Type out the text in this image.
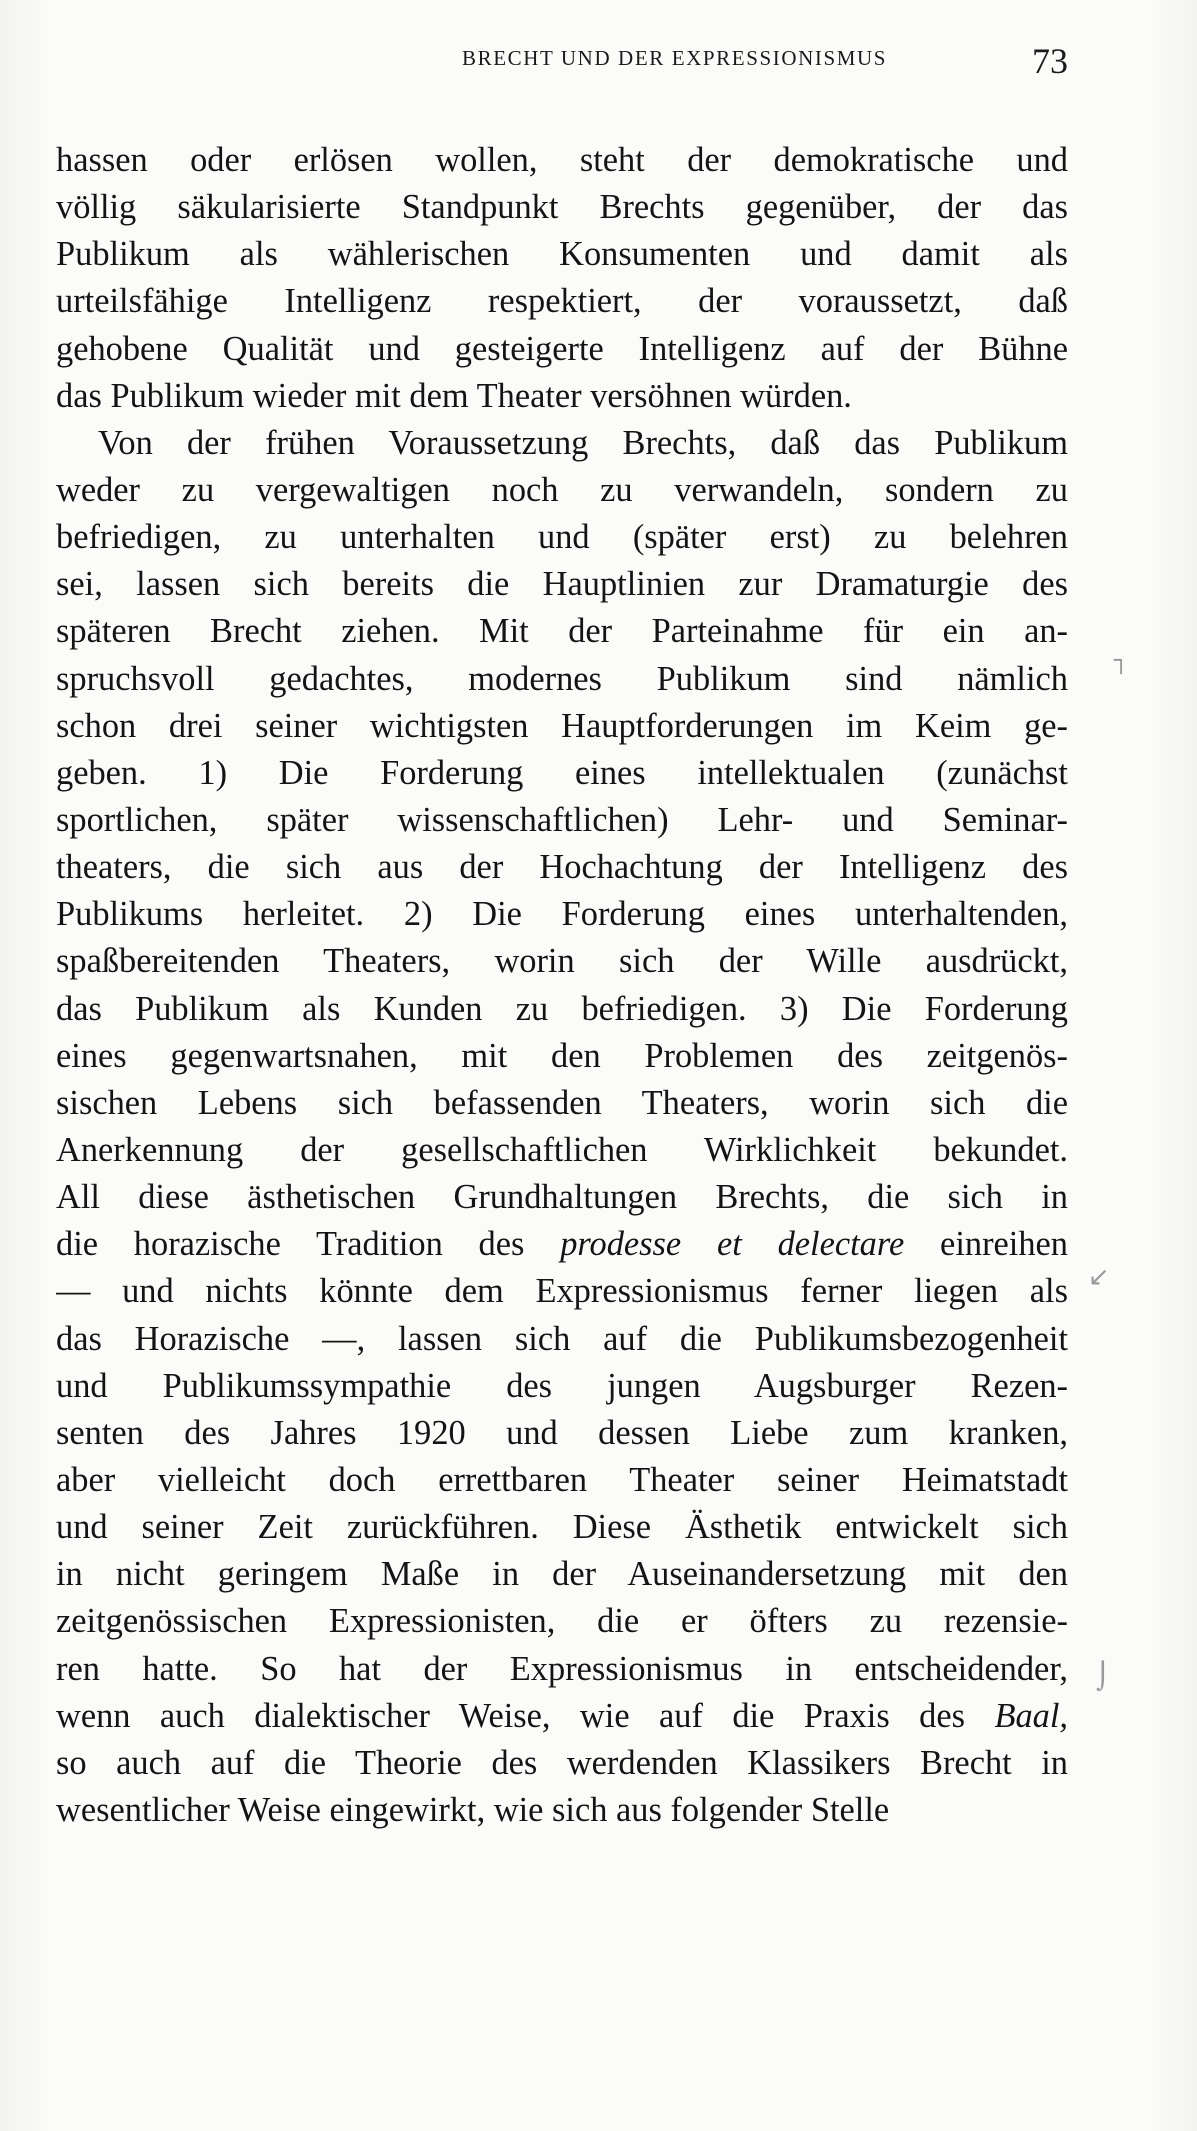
BRECHT UND DER EXPRESSIONISMUS	73
hassen oder erlösen wollen, steht der demokratische und
völlig säkularisierte Standpunkt Brechts gegenüber, der das
Publikum als wählerischen Konsumenten und damit als
urteilsfähige Intelligenz respektiert, der voraussetzt, daß
gehobene Qualität und gesteigerte Intelligenz auf der Bühne
das Publikum wieder mit dem Theater versöhnen würden.
Von der frühen Voraussetzung Brechts, daß das Publikum
weder zu vergewaltigen noch zu verwandeln, sondern zu
befriedigen, zu unterhalten und (später erst) zu belehren
sei, lassen sich bereits die Hauptlinien zur Dramaturgie des
späteren Brecht ziehen. Mit der Parteinahme für ein an-
spruchsvoll gedachtes, modernes Publikum sind nämlich
schon drei seiner wichtigsten Hauptforderungen im Keim ge-
geben. 1) Die Forderung eines intellektualen (zunächst
sportlichen, später wissenschaftlichen) Lehr- und Seminar-
theaters, die sich aus der Hochachtung der Intelligenz des
Publikums herleitet. 2) Die Forderung eines unterhaltenden,
spaßbereitenden Theaters, worin sich der Wille ausdrückt,
das Publikum als Kunden zu befriedigen. 3) Die Forderung
eines gegenwartsnahen, mit den Problemen des zeitgenös-
sischen Lebens sich befassenden Theaters, worin sich die
Anerkennung der gesellschaftlichen Wirklichkeit bekundet.
All diese ästhetischen Grundhaltungen Brechts, die sich in
die horazische Tradition des prodesse et delectare einreihen
— und nichts könnte dem Expressionismus ferner liegen als
das Horazische —, lassen sich auf die Publikumsbezogenheit
und Publikumssympathie des jungen Augsburger Rezen-
senten des Jahres 1920 und dessen Liebe zum kranken,
aber vielleicht doch errettbaren Theater seiner Heimatstadt
und seiner Zeit zurückführen. Diese Ästhetik entwickelt sich
in nicht geringem Maße in der Auseinandersetzung mit den
zeitgenössischen Expressionisten, die er öfters zu rezensie-
ren hatte. So hat der Expressionismus in entscheidender,
wenn auch dialektischer Weise, wie auf die Praxis des Baal,
so auch auf die Theorie des werdenden Klassikers Brecht in
wesentlicher Weise eingewirkt, wie sich aus folgender Stelle
┐
↙
⌡
